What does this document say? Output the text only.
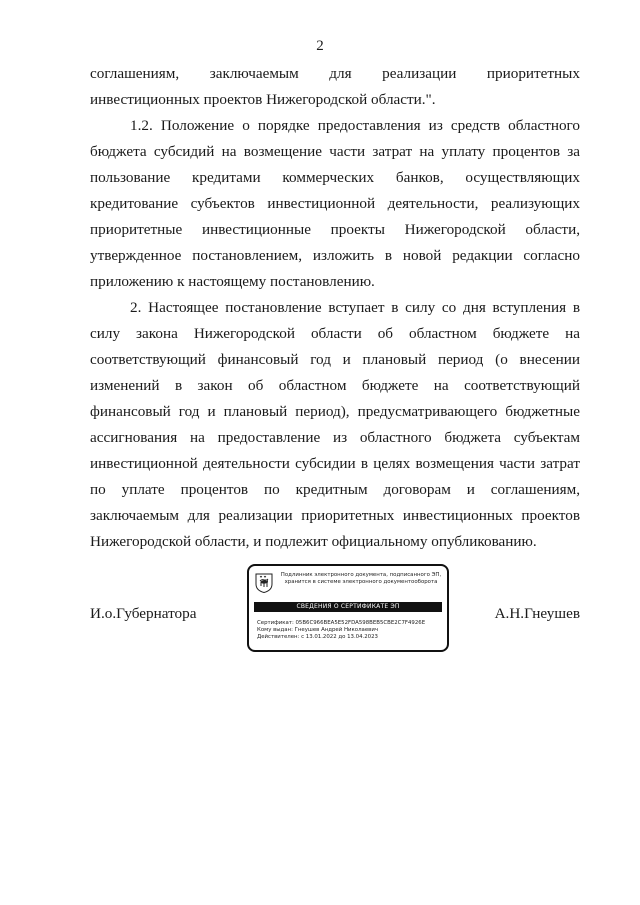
2

соглашениям, заключаемым для реализации приоритетных инвестиционных проектов Нижегородской области.".

1.2. Положение о порядке предоставления из средств областного бюджета субсидий на возмещение части затрат на уплату процентов за пользование кредитами коммерческих банков, осуществляющих кредитование субъектов инвестиционной деятельности, реализующих приоритетные инвестиционные проекты Нижегородской области, утвержденное постановлением, изложить в новой редакции согласно приложению к настоящему постановлению.

2. Настоящее постановление вступает в силу со дня вступления в силу закона Нижегородской области об областном бюджете на соответствующий финансовый год и плановый период (о внесении изменений в закон об областном бюджете на соответствующий финансовый год и плановый период), предусматривающего бюджетные ассигнования на предоставление из областного бюджета субъектам инвестиционной деятельности субсидии в целях возмещения части затрат по уплате процентов по кредитным договорам и соглашениям, заключаемым для реализации приоритетных инвестиционных проектов Нижегородской области, и подлежит официальному опубликованию.

И.о.Губернатора
Подлинник электронного документа, подписанного ЭП,
хранится в системе электронного документооборота
СВЕДЕНИЯ О СЕРТИФИКАТЕ ЭП
Сертификат: 05B6C966BEA5E52FDA598BEB5CBE2C7F4926E
Кому выдан: Гнеушев Андрей Николаевич
Действителен: с 13.01.2022 до 13.04.2023
А.Н.Гнеушев
